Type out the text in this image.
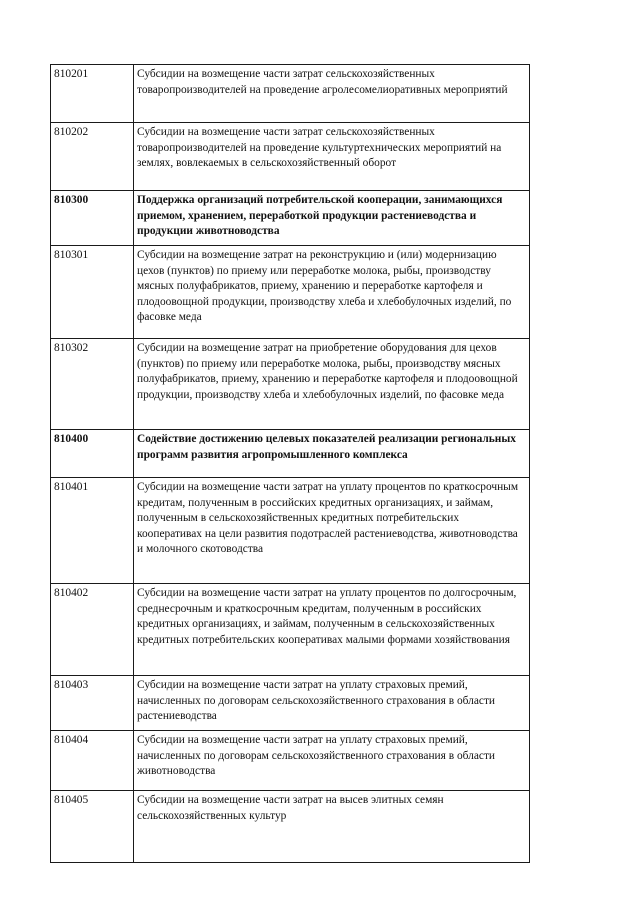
810201	Субсидии на возмещение части затрат сельскохозяйственных товаропроизводителей на проведение агролесомелиоративных мероприятий
810202	Субсидии на возмещение части затрат сельскохозяйственных товаропроизводителей на проведение культуртехнических мероприятий на землях, вовлекаемых в сельскохозяйственный оборот
810300	Поддержка организаций потребительской кооперации, занимающихся приемом, хранением, переработкой продукции растениеводства и продукции животноводства
810301	Субсидии на возмещение затрат на реконструкцию и (или) модернизацию цехов (пунктов) по приему или переработке молока, рыбы, производству мясных полуфабрикатов, приему, хранению и переработке картофеля и плодоовощной продукции, производству хлеба и хлебобулочных изделий, по фасовке меда
810302	Субсидии на возмещение затрат на приобретение оборудования для цехов (пунктов) по приему или переработке молока, рыбы, производству мясных полуфабрикатов, приему, хранению и переработке картофеля и плодоовощной продукции, производству хлеба и хлебобулочных изделий, по фасовке меда
810400	Содействие достижению целевых показателей реализации региональных программ развития агропромышленного комплекса
810401	Субсидии на возмещение части затрат на уплату процентов по краткосрочным кредитам, полученным в российских кредитных организациях, и займам, полученным в сельскохозяйственных кредитных потребительских кооперативах на цели развития подотраслей растениеводства, животноводства и молочного скотоводства
810402	Субсидии на возмещение части затрат на уплату процентов по долгосрочным, среднесрочным и краткосрочным кредитам, полученным в российских кредитных организациях, и займам, полученным в сельскохозяйственных кредитных потребительских кооперативах малыми формами хозяйствования
810403	Субсидии на возмещение части затрат на уплату страховых премий, начисленных по договорам сельскохозяйственного страхования в области растениеводства
810404	Субсидии на возмещение части затрат на уплату страховых премий, начисленных по договорам сельскохозяйственного страхования в области животноводства
810405	Субсидии на возмещение части затрат на высев элитных семян сельскохозяйственных культур
